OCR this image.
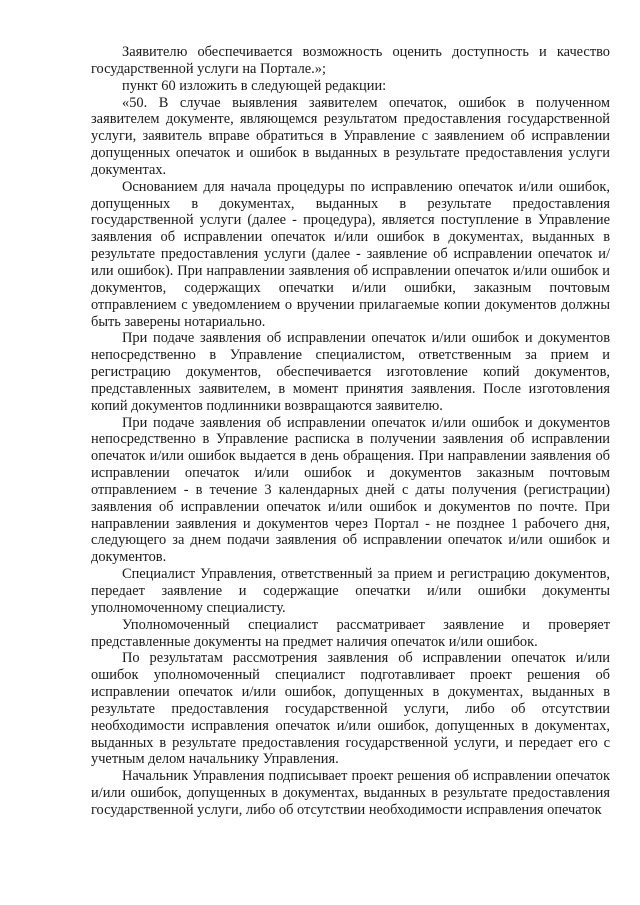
Заявителю обеспечивается возможность оценить доступность и качество государственной услуги на Портале.»;

пункт 60 изложить в следующей редакции:

«50. В случае выявления заявителем опечаток, ошибок в полученном заявителем документе, являющемся результатом предоставления государственной услуги, заявитель вправе обратиться в Управление с заявлением об исправлении допущенных опечаток и ошибок в выданных в результате предоставления услуги документах.

Основанием для начала процедуры по исправлению опечаток и/или ошибок, допущенных в документах, выданных в результате предоставления государственной услуги (далее - процедура), является поступление в Управление заявления об исправлении опечаток и/или ошибок в документах, выданных в результате предоставления услуги (далее - заявление об исправлении опечаток и/или ошибок). При направлении заявления об исправлении опечаток и/или ошибок и документов, содержащих опечатки и/или ошибки, заказным почтовым отправлением с уведомлением о вручении прилагаемые копии документов должны быть заверены нотариально.

При подаче заявления об исправлении опечаток и/или ошибок и документов непосредственно в Управление специалистом, ответственным за прием и регистрацию документов, обеспечивается изготовление копий документов, представленных заявителем, в момент принятия заявления. После изготовления копий документов подлинники возвращаются заявителю.

При подаче заявления об исправлении опечаток и/или ошибок и документов непосредственно в Управление расписка в получении заявления об исправлении опечаток и/или ошибок выдается в день обращения. При направлении заявления об исправлении опечаток и/или ошибок и документов заказным почтовым отправлением - в течение 3 календарных дней с даты получения (регистрации) заявления об исправлении опечаток и/или ошибок и документов по почте. При направлении заявления и документов через Портал - не позднее 1 рабочего дня, следующего за днем подачи заявления об исправлении опечаток и/или ошибок и документов.

Специалист Управления, ответственный за прием и регистрацию документов, передает заявление и содержащие опечатки и/или ошибки документы уполномоченному специалисту.

Уполномоченный специалист рассматривает заявление и проверяет представленные документы на предмет наличия опечаток и/или ошибок.

По результатам рассмотрения заявления об исправлении опечаток и/или ошибок уполномоченный специалист подготавливает проект решения об исправлении опечаток и/или ошибок, допущенных в документах, выданных в результате предоставления государственной услуги, либо об отсутствии необходимости исправления опечаток и/или ошибок, допущенных в документах, выданных в результате предоставления государственной услуги, и передает его с учетным делом начальнику Управления.

Начальник Управления подписывает проект решения об исправлении опечаток и/или ошибок, допущенных в документах, выданных в результате предоставления государственной услуги, либо об отсутствии необходимости исправления опечаток
